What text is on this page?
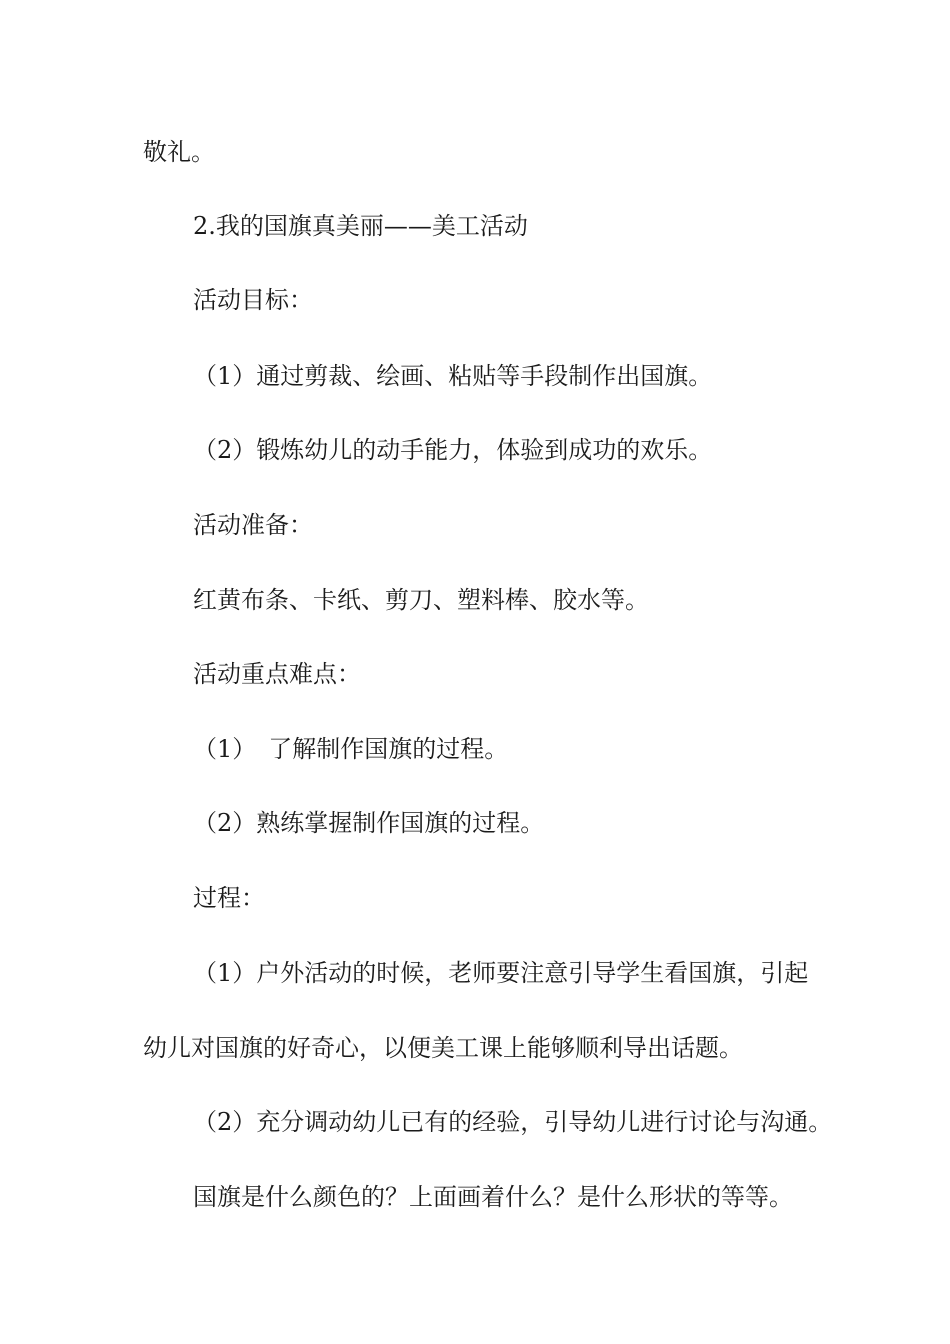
敬礼。
2.我的国旗真美丽——美工活动
活动目标：
（1）通过剪裁、绘画、粘贴等手段制作出国旗。
（2）锻炼幼儿的动手能力，体验到成功的欢乐。
活动准备：
红黄布条、卡纸、剪刀、塑料棒、胶水等。
活动重点难点：
（1）　了解制作国旗的过程。
（2）熟练掌握制作国旗的过程。
过程：
（1）户外活动的时候，老师要注意引导学生看国旗，引起
幼儿对国旗的好奇心，以便美工课上能够顺利导出话题。
（2）充分调动幼儿已有的经验，引导幼儿进行讨论与沟通。
国旗是什么颜色的？上面画着什么？是什么形状的等等。
